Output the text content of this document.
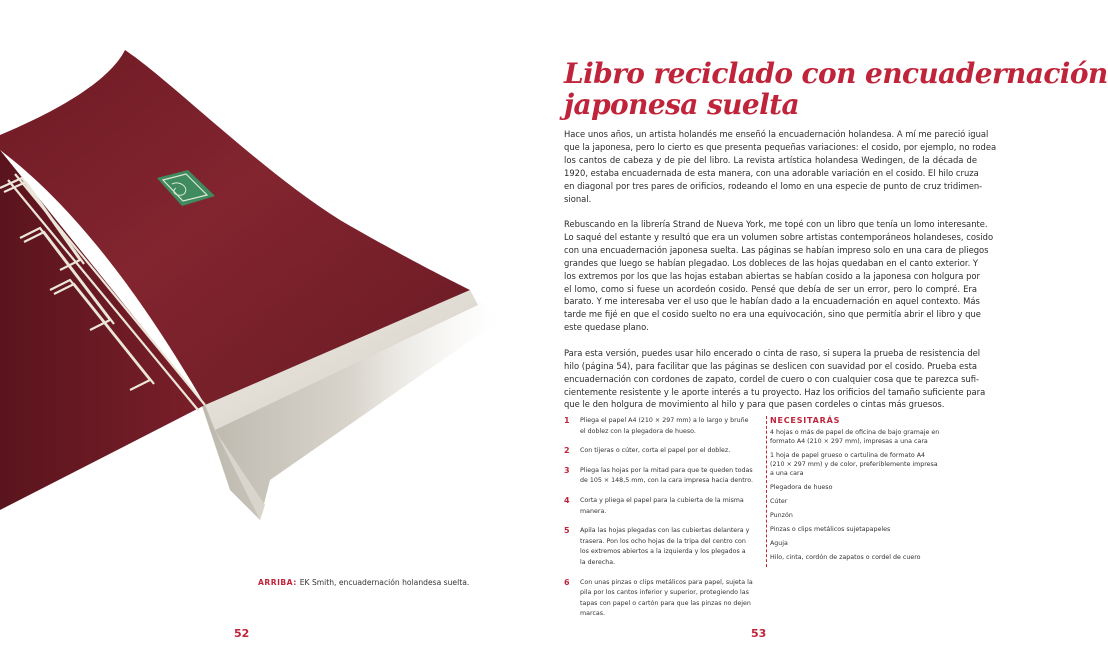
ARRIBA: EK Smith, encuadernación holandesa suelta.
52
Libro reciclado con encuadernación
japonesa suelta

Hace unos años, un artista holandés me enseñó la encuadernación holandesa. A mí me pareció igual
que la japonesa, pero lo cierto es que presenta pequeñas variaciones: el cosido, por ejemplo, no rodea
los cantos de cabeza y de pie del libro. La revista artística holandesa Wedingen, de la década de
1920, estaba encuadernada de esta manera, con una adorable variación en el cosido. El hilo cruza
en diagonal por tres pares de orificios, rodeando el lomo en una especie de punto de cruz tridimen-
sional.

Rebuscando en la librería Strand de Nueva York, me topé con un libro que tenía un lomo interesante.
Lo saqué del estante y resultó que era un volumen sobre artistas contemporáneos holandeses, cosido
con una encuadernación japonesa suelta. Las páginas se habían impreso solo en una cara de pliegos
grandes que luego se habían plegadao. Los dobleces de las hojas quedaban en el canto exterior. Y
los extremos por los que las hojas estaban abiertas se habían cosido a la japonesa con holgura por
el lomo, como si fuese un acordeón cosido. Pensé que debía de ser un error, pero lo compré. Era
barato. Y me interesaba ver el uso que le habían dado a la encuadernación en aquel contexto. Más
tarde me fijé en que el cosido suelto no era una equivocación, sino que permitía abrir el libro y que
este quedase plano.

Para esta versión, puedes usar hilo encerado o cinta de raso, si supera la prueba de resistencia del
hilo (página 54), para facilitar que las páginas se deslicen con suavidad por el cosido. Prueba esta
encuadernación con cordones de zapato, cordel de cuero o con cualquier cosa que te parezca sufi-
cientemente resistente y le aporte interés a tu proyecto. Haz los orificios del tamaño suficiente para
que le den holgura de movimiento al hilo y para que pasen cordeles o cintas más gruesos.

1	Pliega el papel A4 (210 × 297 mm) a lo largo y bruñe
el doblez con la plegadora de hueso.
2	Con tijeras o cúter, corta el papel por el doblez.
3	Pliega las hojas por la mitad para que te queden todas
de 105 × 148,5 mm, con la cara impresa hacia dentro.
4	Corta y pliega el papel para la cubierta de la misma
manera.
5	Apila las hojas plegadas con las cubiertas delantera y
trasera. Pon los ocho hojas de la tripa del centro con
los extremos abiertos a la izquierda y los plegados a
la derecha.
6	Con unas pinzas o clips metálicos para papel, sujeta la
pila por los cantos inferior y superior, protegiendo las
tapas con papel o cartón para que las pinzas no dejen
marcas.
NECESITARÁS
4 hojas o más de papel de oficina de bajo gramaje en
formato A4 (210 × 297 mm), impresas a una cara
1 hoja de papel grueso o cartulina de formato A4
(210 × 297 mm) y de color, preferiblemente impresa
a una cara
Plegadora de hueso
Cúter
Punzón
Pinzas o clips metálicos sujetapapeles
Aguja
Hilo, cinta, cordón de zapatos o cordel de cuero
53
